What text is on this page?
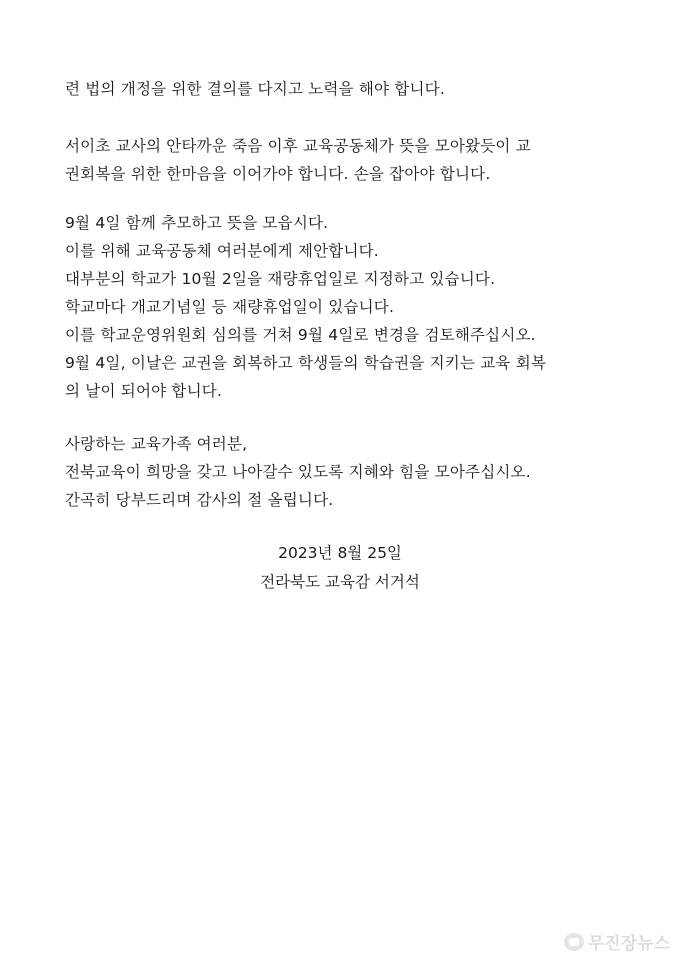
련 법의 개정을 위한 결의를 다지고 노력을 해야 합니다.
서이초 교사의 안타까운 죽음 이후 교육공동체가 뜻을 모아왔듯이 교
권회복을 위한 한마음을 이어가야 합니다. 손을 잡아야 합니다.
9월 4일 함께 추모하고 뜻을 모읍시다.
이를 위해 교육공동체 여러분에게 제안합니다.
대부분의 학교가 10월 2일을 재량휴업일로 지정하고 있습니다.
학교마다 개교기념일 등 재량휴업일이 있습니다.
이를 학교운영위원회 심의를 거쳐 9월 4일로 변경을 검토해주십시오.
9월 4일, 이날은 교권을 회복하고 학생들의 학습권을 지키는 교육 회복
의 날이 되어야 합니다.
사랑하는 교육가족 여러분,
전북교육이 희망을 갖고 나아갈수 있도록 지혜와 힘을 모아주십시오.
간곡히 당부드리며 감사의 절 올립니다.
2023년 8월 25일
전라북도 교육감 서거석
무진장뉴스
